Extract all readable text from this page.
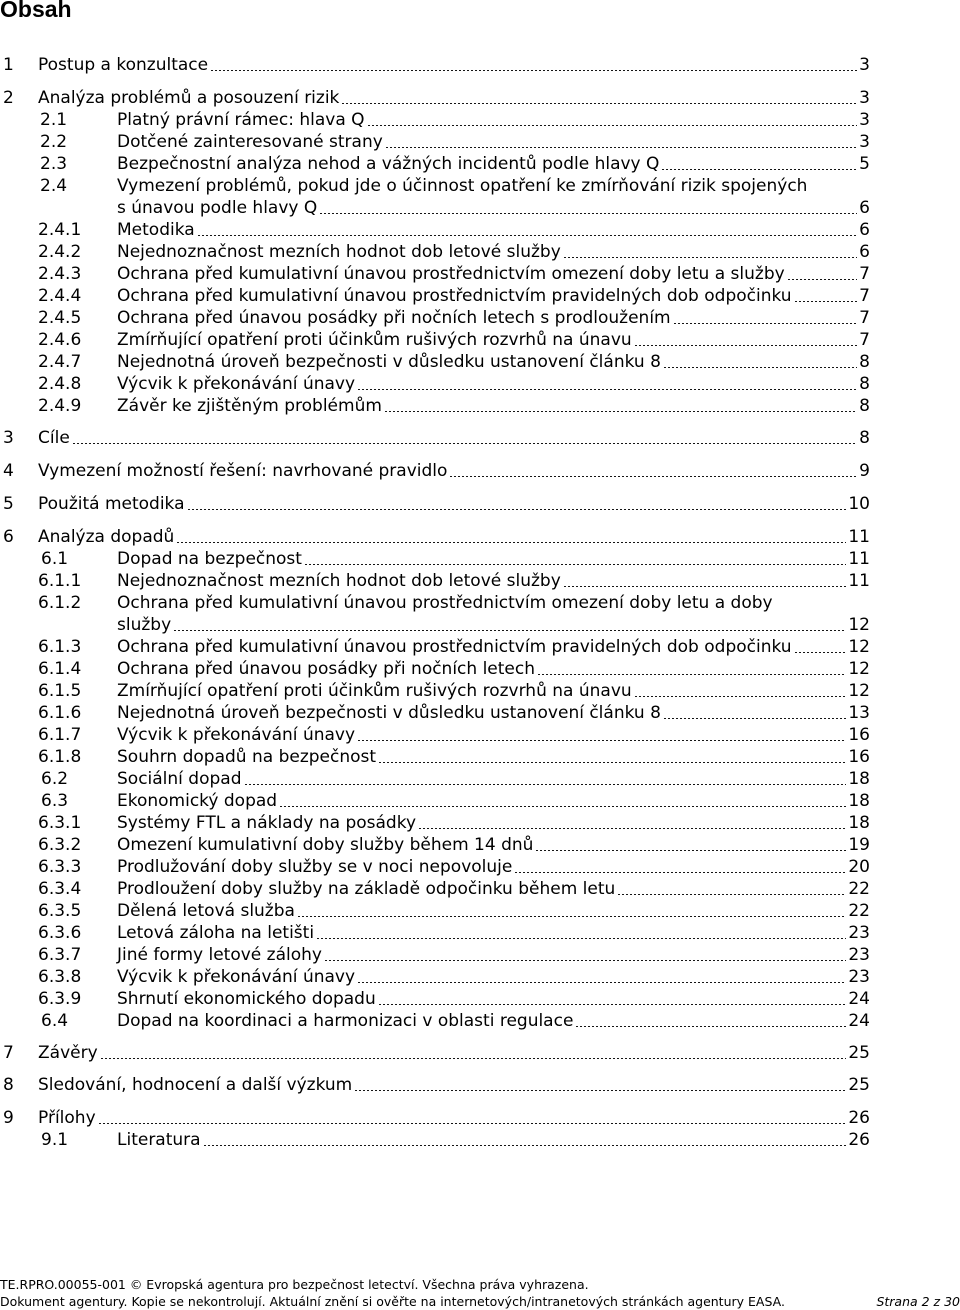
Obsah
1 Postup a konzultace	3
2 Analýza problémů a posouzení rizik	3
2.1	Platný právní rámec: hlava Q	3
2.2	Dotčené zainteresované strany	3
2.3	Bezpečnostní analýza nehod a vážných incidentů podle hlavy Q	5
2.4	Vymezení problémů, pokud jde o účinnost opatření ke zmírňování rizik spojených
s únavou podle hlavy Q	6
2.4.1 Metodika	6
2.4.2 Nejednoznačnost mezních hodnot dob letové služby	6
2.4.3 Ochrana před kumulativní únavou prostřednictvím omezení doby letu a služby	7
2.4.4 Ochrana před kumulativní únavou prostřednictvím pravidelných dob odpočinku	7
2.4.5 Ochrana před únavou posádky při nočních letech s prodloužením	7
2.4.6 Zmírňující opatření proti účinkům rušivých rozvrhů na únavu	7
2.4.7 Nejednotná úroveň bezpečnosti v důsledku ustanovení článku 8	8
2.4.8 Výcvik k překonávání únavy	8
2.4.9 Závěr ke zjištěným problémům	8
3 Cíle	8
4 Vymezení možností řešení: navrhované pravidlo	9
5 Použitá metodika	10
6 Analýza dopadů	11
6.1	Dopad na bezpečnost	11
6.1.1 Nejednoznačnost mezních hodnot dob letové služby	11
6.1.2 Ochrana před kumulativní únavou prostřednictvím omezení doby letu a doby
služby	12
6.1.3 Ochrana před kumulativní únavou prostřednictvím pravidelných dob odpočinku	12
6.1.4 Ochrana před únavou posádky při nočních letech	12
6.1.5 Zmírňující opatření proti účinkům rušivých rozvrhů na únavu	12
6.1.6 Nejednotná úroveň bezpečnosti v důsledku ustanovení článku 8	13
6.1.7 Výcvik k překonávání únavy	16
6.1.8 Souhrn dopadů na bezpečnost	16
6.2	Sociální dopad	18
6.3	Ekonomický dopad	18
6.3.1 Systémy FTL a náklady na posádky	18
6.3.2 Omezení kumulativní doby služby během 14 dnů	19
6.3.3 Prodlužování doby služby se v noci nepovoluje	20
6.3.4 Prodloužení doby služby na základě odpočinku během letu	22
6.3.5 Dělená letová služba	22
6.3.6 Letová záloha na letišti	23
6.3.7 Jiné formy letové zálohy	23
6.3.8 Výcvik k překonávání únavy	23
6.3.9 Shrnutí ekonomického dopadu	24
6.4	Dopad na koordinaci a harmonizaci v oblasti regulace	24
7 Závěry	25
8 Sledování, hodnocení a další výzkum	25
9 Přílohy	26
9.1	Literatura	26
TE.RPRO.00055-001 © Evropská agentura pro bezpečnost letectví. Všechna práva vyhrazena.
Dokument agentury. Kopie se nekontrolují. Aktuální znění si ověřte na internetových/intranetových stránkách agentury EASA.	Strana 2 z 30
